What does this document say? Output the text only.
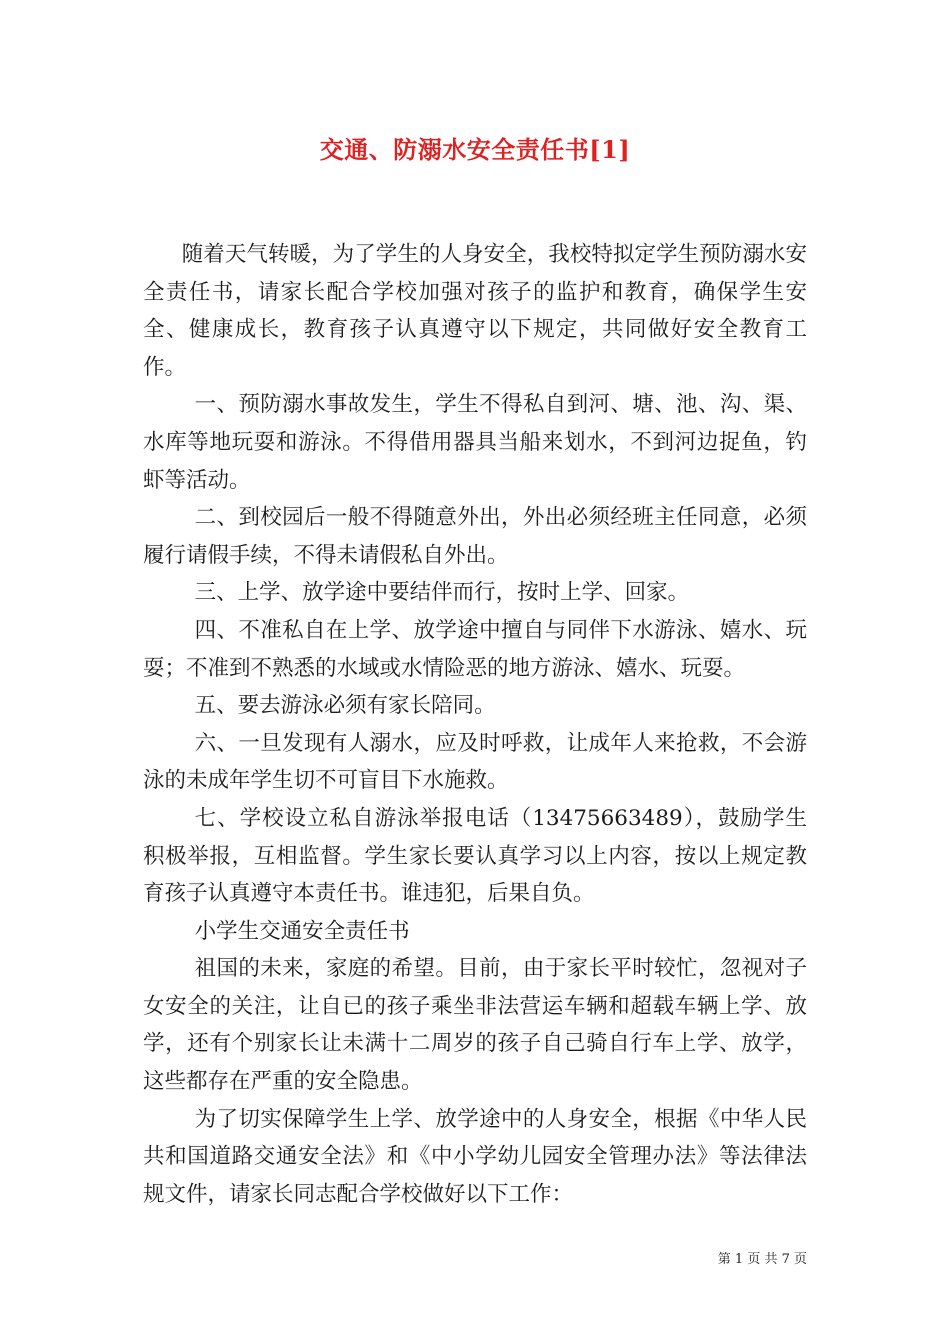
交通、防溺水安全责任书[1]

随着天气转暖，为了学生的人身安全，我校特拟定学生预防溺水安全责任书，请家长配合学校加强对孩子的监护和教育，确保学生安全、健康成长，教育孩子认真遵守以下规定，共同做好安全教育工作。

一、预防溺水事故发生，学生不得私自到河、塘、池、沟、渠、水库等地玩耍和游泳。不得借用器具当船来划水，不到河边捉鱼，钓虾等活动。

二、到校园后一般不得随意外出，外出必须经班主任同意，必须履行请假手续，不得未请假私自外出。

三、上学、放学途中要结伴而行，按时上学、回家。

四、不准私自在上学、放学途中擅自与同伴下水游泳、嬉水、玩耍；不准到不熟悉的水域或水情险恶的地方游泳、嬉水、玩耍。

五、要去游泳必须有家长陪同。

六、一旦发现有人溺水，应及时呼救，让成年人来抢救，不会游泳的未成年学生切不可盲目下水施救。

七、学校设立私自游泳举报电话（13475663489），鼓励学生积极举报，互相监督。学生家长要认真学习以上内容，按以上规定教育孩子认真遵守本责任书。谁违犯，后果自负。

小学生交通安全责任书

祖国的未来，家庭的希望。目前，由于家长平时较忙，忽视对子女安全的关注，让自已的孩子乘坐非法营运车辆和超载车辆上学、放学，还有个别家长让未满十二周岁的孩子自己骑自行车上学、放学，这些都存在严重的安全隐患。

为了切实保障学生上学、放学途中的人身安全，根据《中华人民共和国道路交通安全法》和《中小学幼儿园安全管理办法》等法律法规文件，请家长同志配合学校做好以下工作：

第 1 页 共 7 页
